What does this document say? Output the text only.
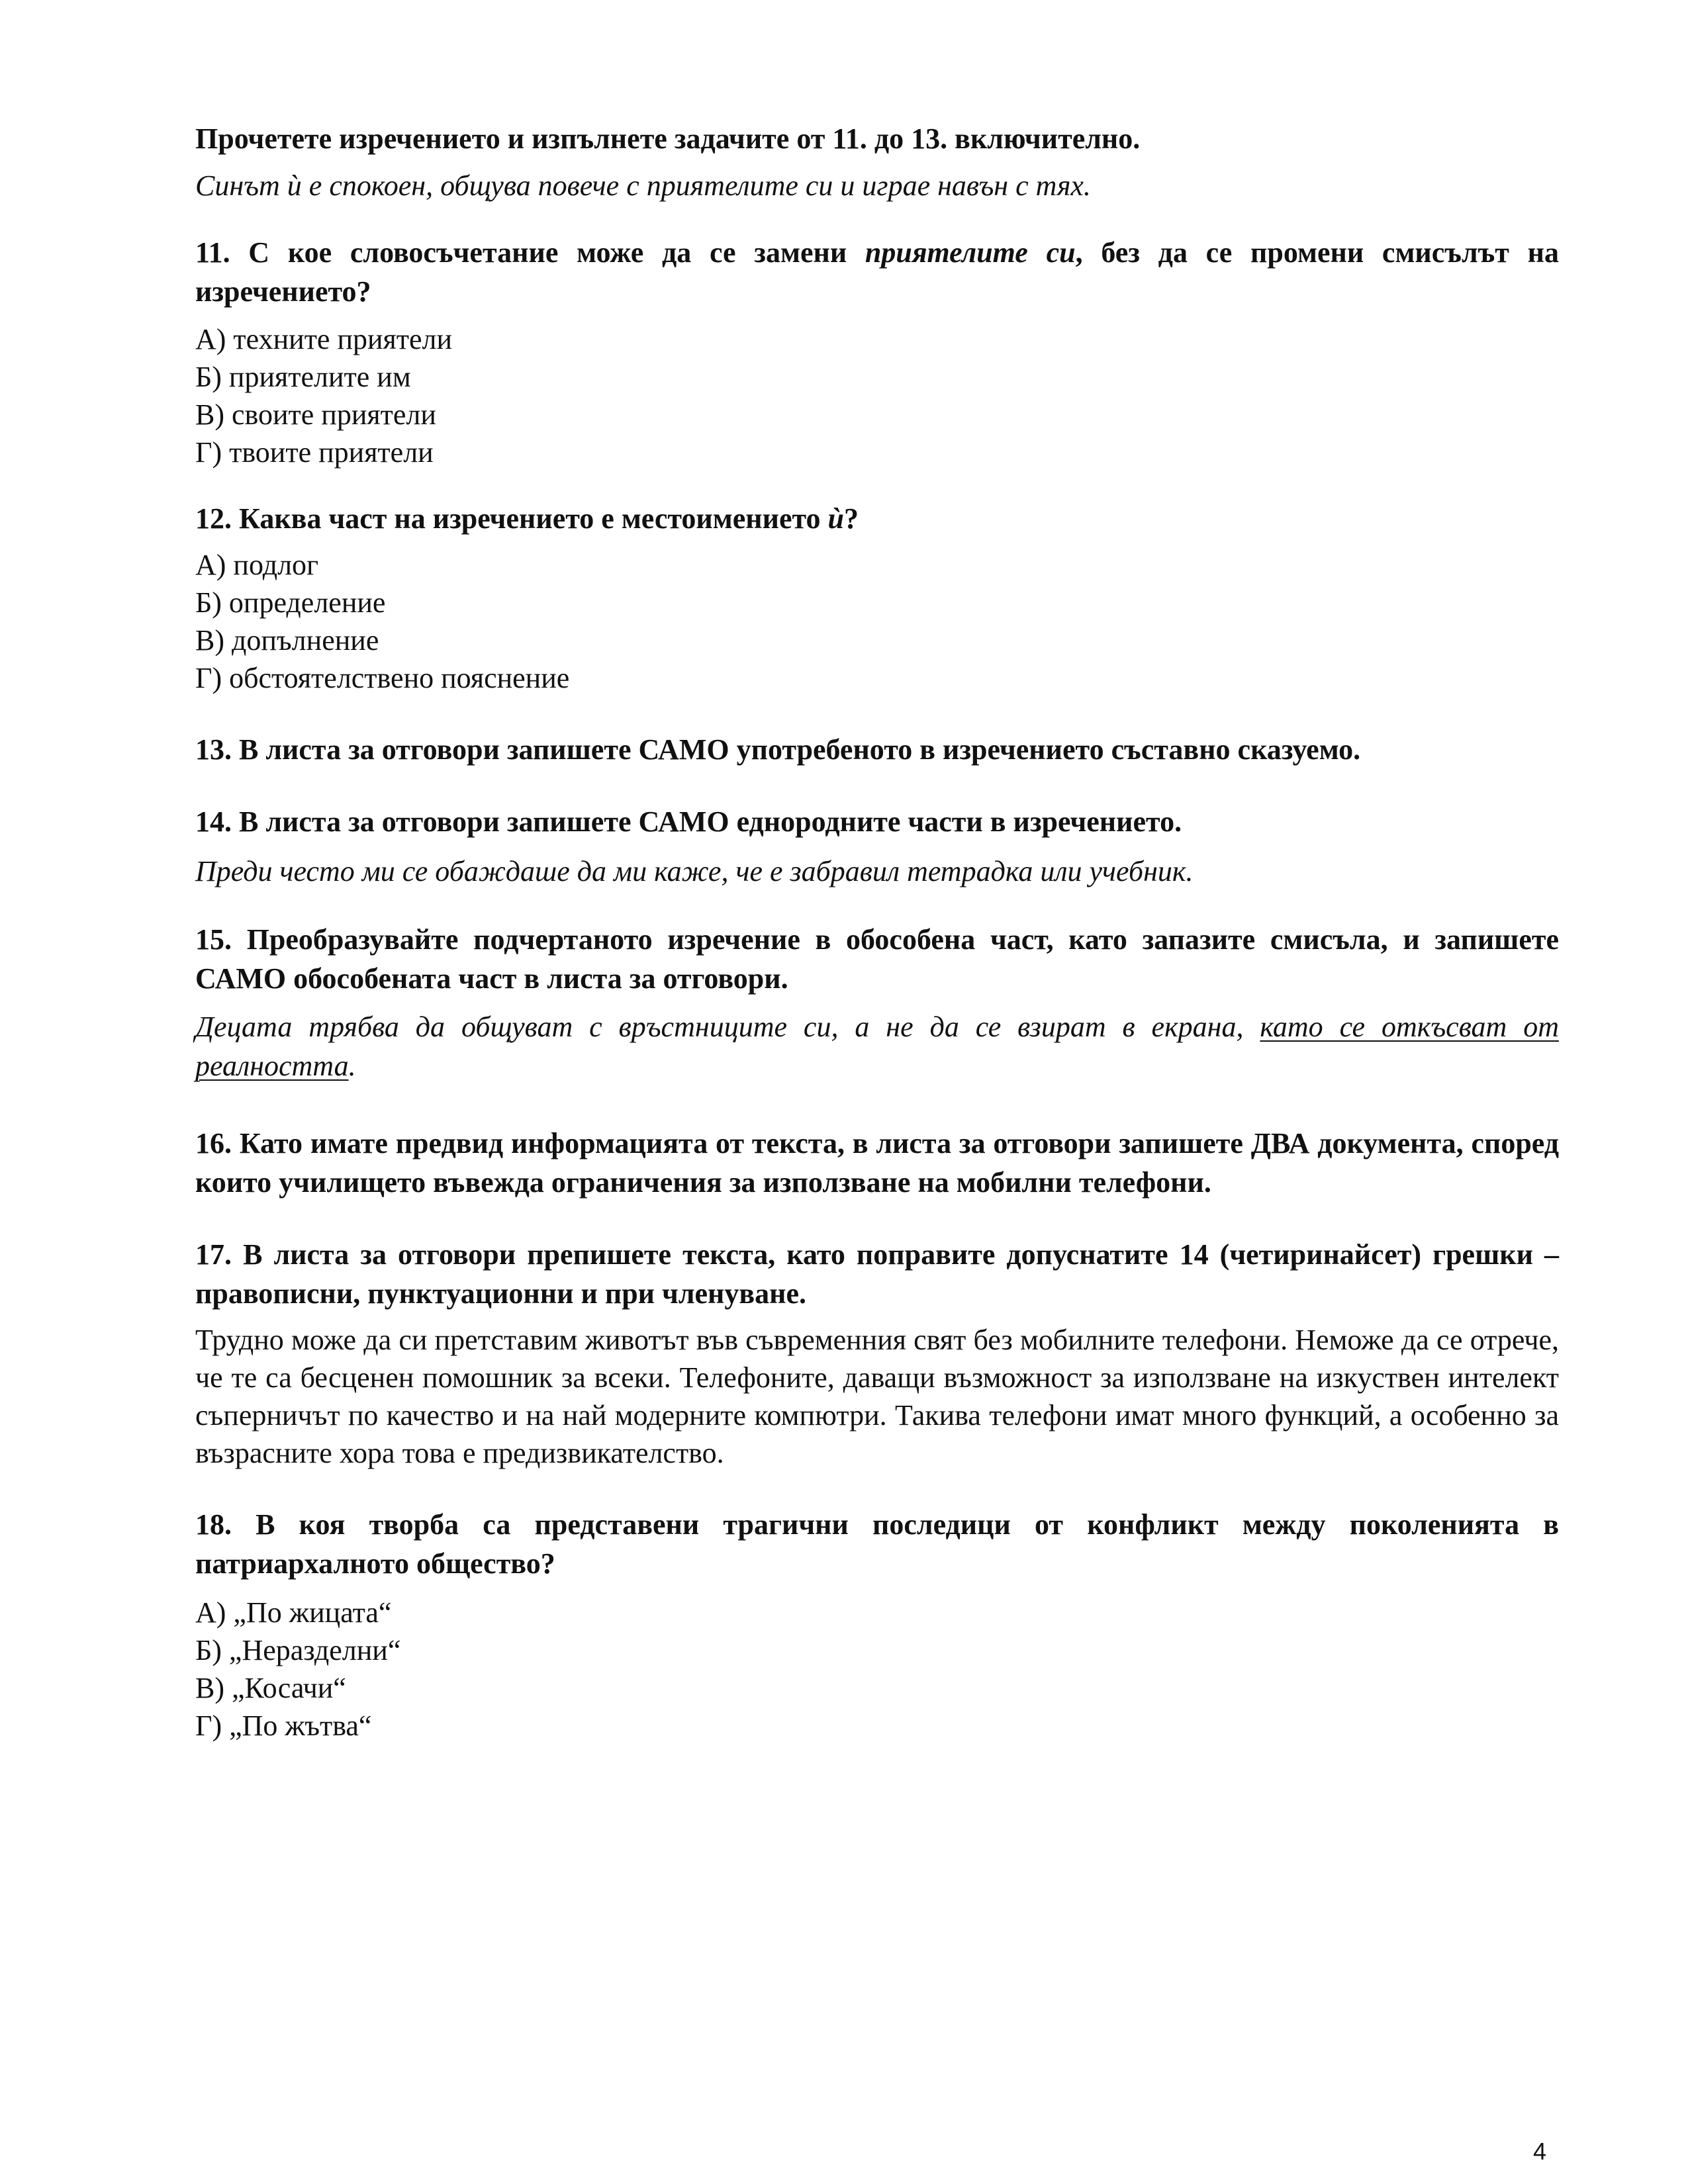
Прочетете изречението и изпълнете задачите от 11. до 13. включително.

Синът ѝ е спокоен, общува повече с приятелите си и играе навън с тях.

11. С кое словосъчетание може да се замени приятелите си, без да се промени смисълът на изречението?

А) техните приятели
Б) приятелите им
В) своите приятели
Г) твоите приятели

12. Каква част на изречението е местоимението ѝ?

А) подлог
Б) определение
В) допълнение
Г) обстоятелствено пояснение

13. В листа за отговори запишете САМО употребеното в изречението съставно сказуемо.

14. В листа за отговори запишете САМО еднородните части в изречението.

Преди често ми се обаждаше да ми каже, че е забравил тетрадка или учебник.

15. Преобразувайте подчертаното изречение в обособена част, като запазите смисъла, и запишете САМО обособената част в листа за отговори.

Децата трябва да общуват с връстниците си, а не да се взират в екрана, като се откъсват от реалността.

16. Като имате предвид информацията от текста, в листа за отговори запишете ДВА документа, според които училището въвежда ограничения за използване на мобилни телефони.

17. В листа за отговори препишете текста, като поправите допуснатите 14 (четиринайсет) грешки – правописни, пунктуационни и при членуване.

Трудно може да си претставим животът във съвременния свят без мобилните телефони. Неможе да се отрече, че те са бесценен помошник за всеки. Телефоните, даващи възможност за използване на изкуствен интелект съперничът по качество и на най модерните компютри. Такива телефони имат много функций, а особенно за възрасните хора това е предизвикателство.

18. В коя творба са представени трагични последици от конфликт между поколенията в патриархалното общество?

А) „По жицата“
Б) „Неразделни“
В) „Косачи“
Г) „По жътва“
4
